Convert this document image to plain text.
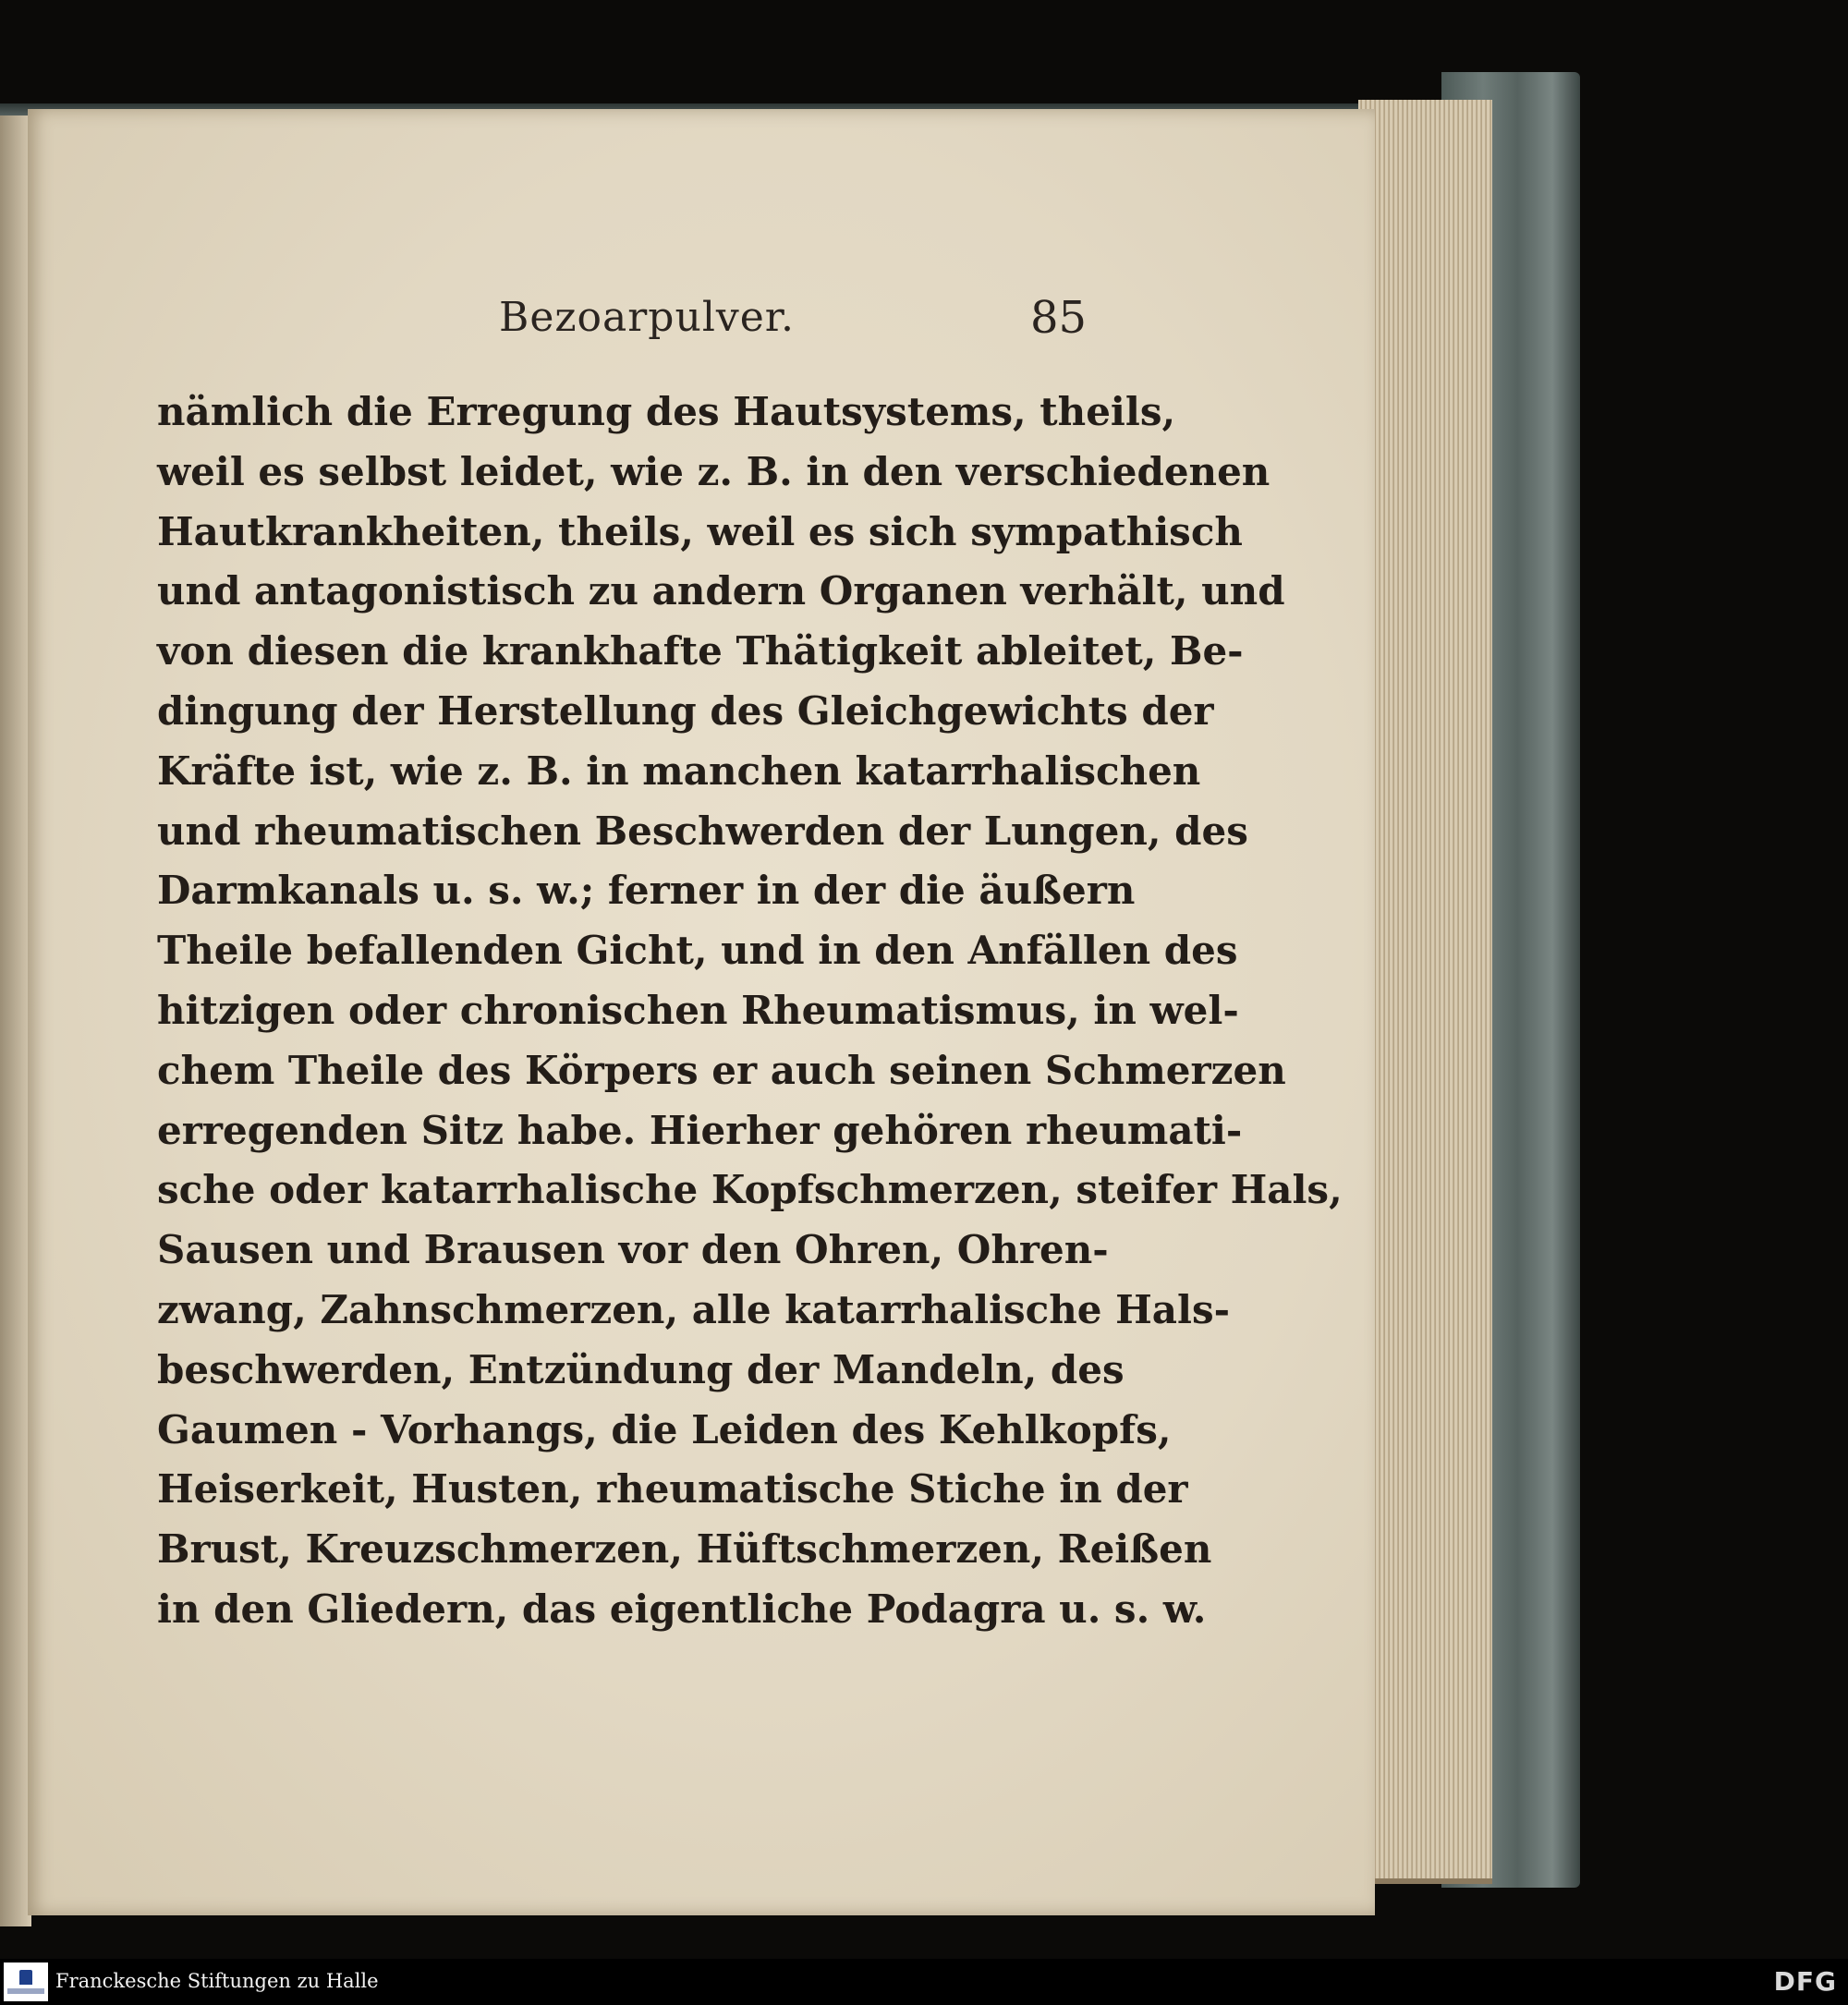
Bezoarpulver.	85
nämlich die Erregung des Hautsystems, theils,
weil es selbst leidet, wie z. B. in den verschiedenen
Hautkrankheiten, theils, weil es sich sympathisch
und antagonistisch zu andern Organen verhält, und
von diesen die krankhafte Thätigkeit ableitet, Be-
dingung der Herstellung des Gleichgewichts der
Kräfte ist, wie z. B. in manchen katarrhalischen
und rheumatischen Beschwerden der Lungen, des
Darmkanals u. s. w.; ferner in der die äußern
Theile befallenden Gicht, und in den Anfällen des
hitzigen oder chronischen Rheumatismus, in wel-
chem Theile des Körpers er auch seinen Schmerzen
erregenden Sitz habe. Hierher gehören rheumati-
sche oder katarrhalische Kopfschmerzen, steifer Hals,
Sausen und Brausen vor den Ohren, Ohren-
zwang, Zahnschmerzen, alle katarrhalische Hals-
beschwerden, Entzündung der Mandeln, des
Gaumen - Vorhangs, die Leiden des Kehlkopfs,
Heiserkeit, Husten, rheumatische Stiche in der
Brust, Kreuzschmerzen, Hüftschmerzen, Reißen
in den Gliedern, das eigentliche Podagra u. s. w.
Franckesche Stiftungen zu Halle	DFG
